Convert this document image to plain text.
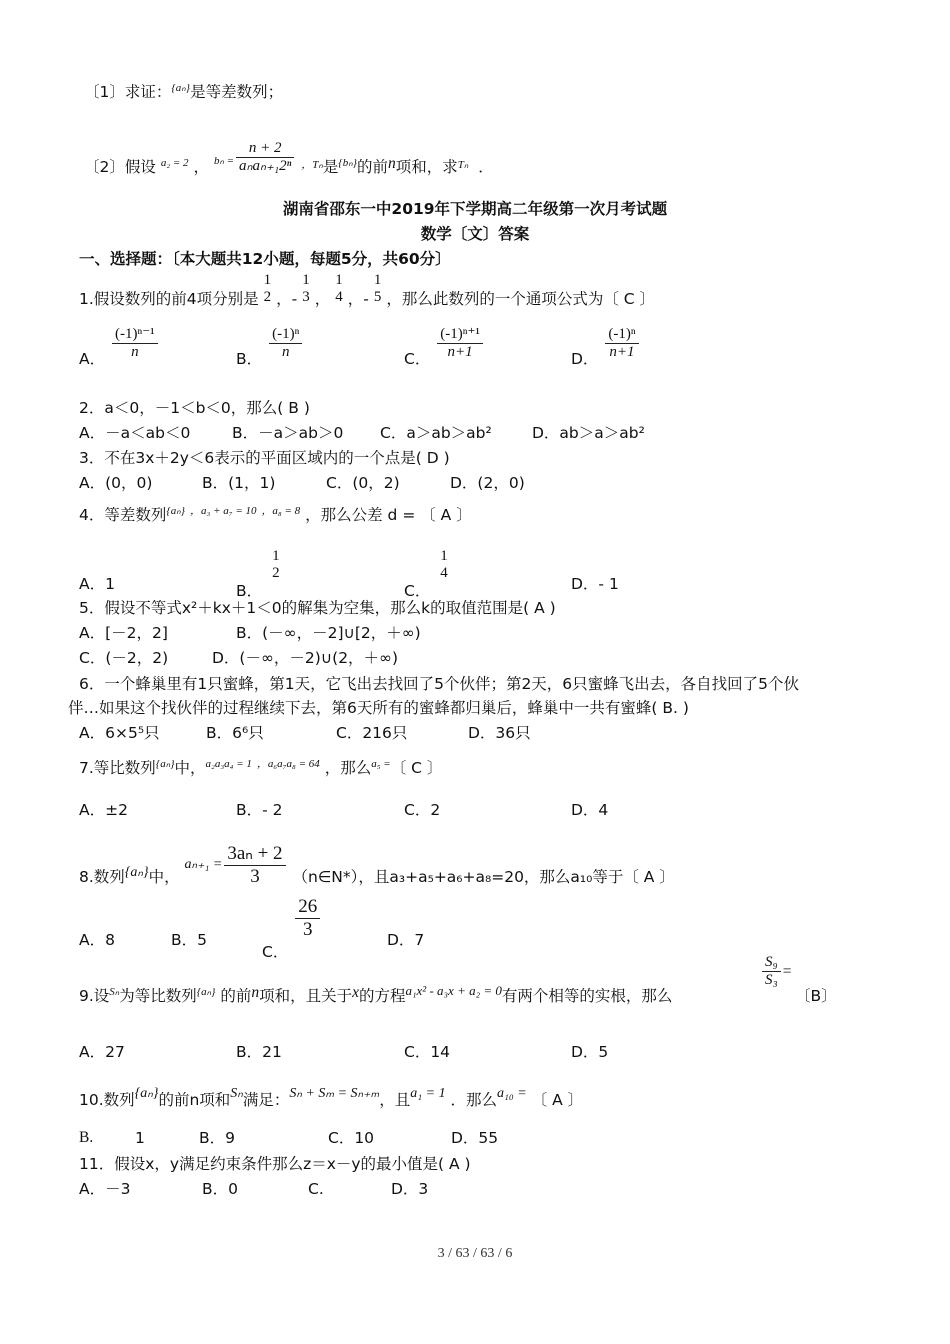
〔1〕求证：$^{\{a_n\}}$是等差数列；
〔2〕假设 $^{a_2 = 2}$ ， $^{b_n =} \frac{n + 2}{\text{aₙaₙ₊₁2ⁿ}} ^{,T_n}$是$^{\{b_n\}}$的前n项和，求$^{T_n}$ ．
湖南省邵东一中2019年下学期高二年级第一次月考试题
数学〔文〕答案
一、选择题：〔本大题共12小题，每题5分，共60分〕
1.假设数列的前4项分别是
1
2 ，-
1
3 ，
1
4 ，-
1
5 ，那么此数列的一个通项公式为〔 C 〕
A． $\frac{\text{(-1)ⁿ⁻¹}}{n}$	B． $\frac{\text{(-1)ⁿ}}{n}$	C． $\frac{\text{(-1)ⁿ⁺¹}}{n+1}$	D． $\frac{\text{(-1)ⁿ}}{n+1}$
2．a＜0，－1＜b＜0，那么( B )
A．－a＜ab＜0	B．－a＞ab＞0 C．a＞ab＞ab²	D．ab＞a＞ab²
3．不在3x＋2y＜6表示的平面区域内的一个点是( D )
A．(0，0)	B．(1，1)	C．(0，2)	D．(2，0)
4．等差数列$^{\{a_n\}}$ $^{,a_3 + a_7 = 10}$ $^{,a_8 = 8}$ ，那么公差 d = 〔 A 〕
A．1	B．
1
2
C．
1
4
D．- 1
5．假设不等式x²＋kx＋1＜0的解集为空集，那么k的取值范围是( A )
A．[－2，2]	B．(－∞，－2]∪[2，＋∞)
C．(－2，2)	D．(－∞，－2)∪(2，＋∞)
6．一个蜂巢里有1只蜜蜂，第1天，它飞出去找回了5个伙伴；第2天，6只蜜蜂飞出去，各自找回了5个伙
伴…如果这个找伙伴的过程继续下去，第6天所有的蜜蜂都归巢后，蜂巢中一共有蜜蜂( B. )
A．6×5⁵只	B．6⁶只	C．216只	D．36只
7.等比数列$^{\{a_n\}}$中，$^{a_2a_3a_4 = 1}$ $^{,a_6a_7a_8 = 64}$ ，那么$^{a_5 =}$〔 C 〕
A．±2	B．- 2	C．2	D．4
8.数列{aₙ}中， $a_{n+1} = \frac{\text{3aₙ + 2}}{3}$ （n∈N*），且a₃+a₅+a₆+a₈=20，那么a₁₀等于〔 A 〕
A．8	B．5
C．
$\frac{26}{3}$	D．7
9.设$^{S_n}$为等比数列$^{\{a_n\}}$ 的前n项和，且关于x的方程$^{a_1x^2 - a_3x + a_2 = 0}$有两个相等的实根，那么
$\frac{\text{S₉}}{\text{S₃}}$ =
〔B〕
A．27	B．21	C．14	D．5
10.数列{aₙ}的前n项和Sₙ满足：Sₙ + Sₘ = Sₙ₊ₘ，且a₁ = 1 ．那么a₁₀ = 〔 A 〕
B.	1	B．9	C．10	D．55
11．假设x，y满足约束条件那么z＝x－y的最小值是( A )
A．－3	B．0	C.	D．3
3 / 63 / 63 / 6
